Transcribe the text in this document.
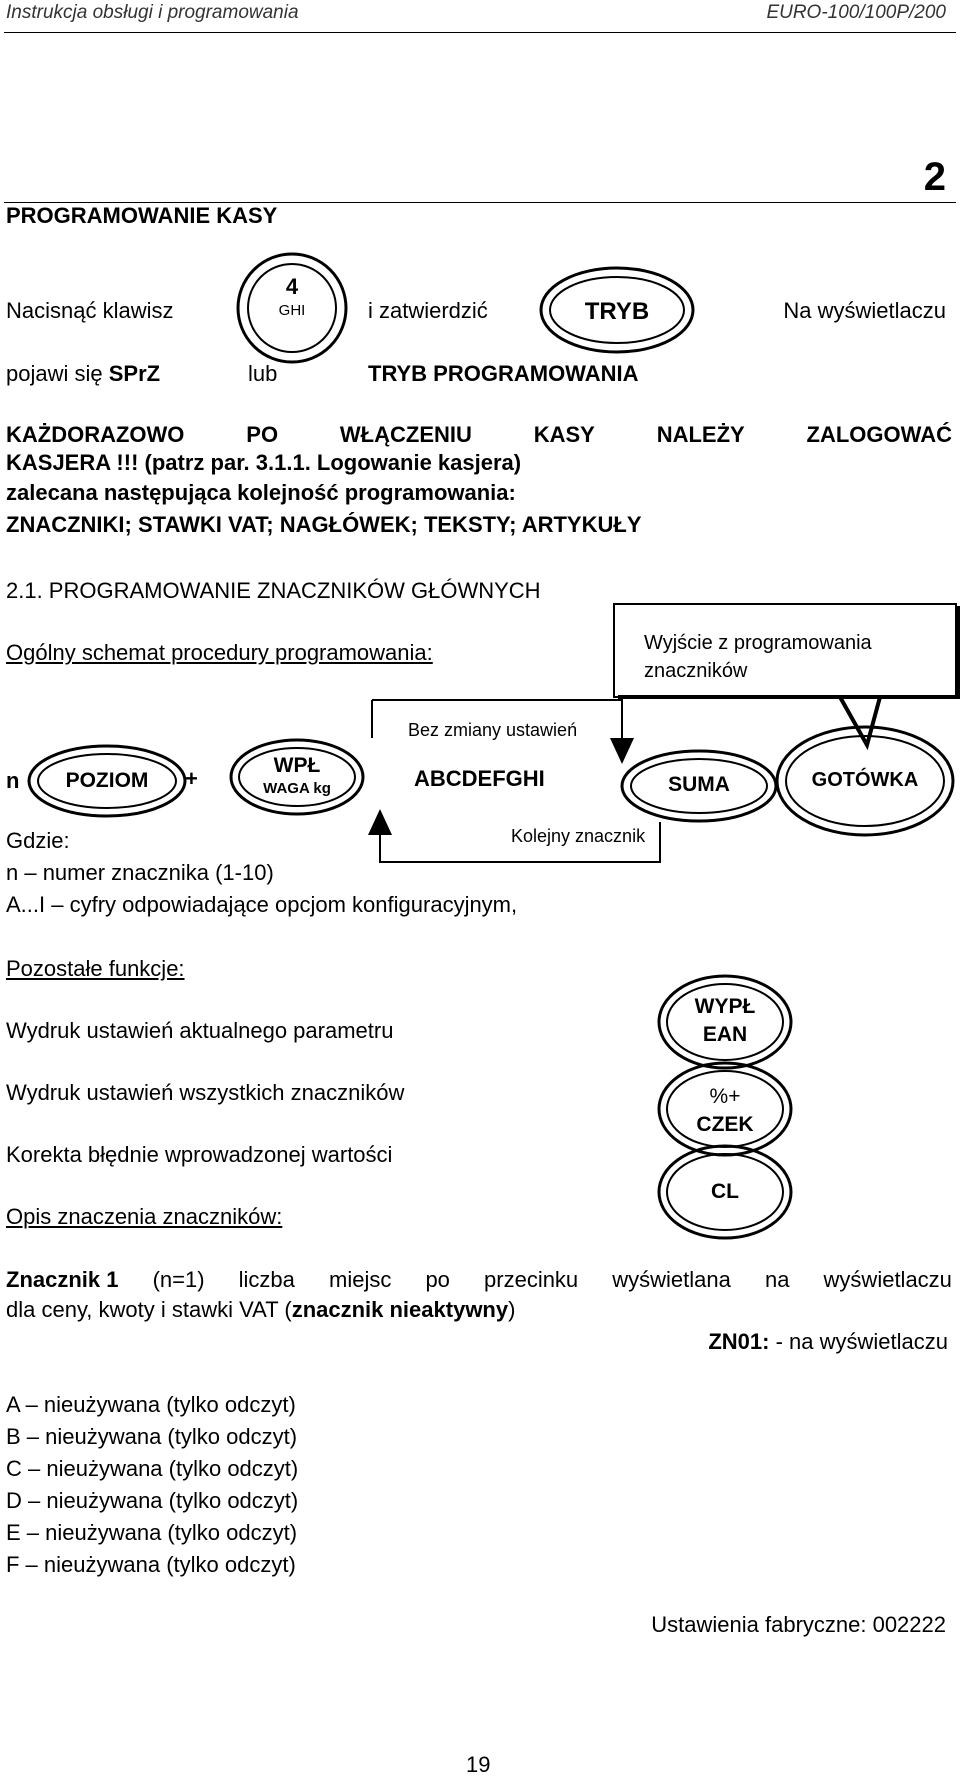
Instrukcja obsługi i programowania	EURO-100/100P/200
2
PROGRAMOWANIE KASY
Nacisnąć klawisz
4
GHI	i zatwierdzić	TRYB	Na wyświetlaczu
pojawi się SPrZ	lub	TRYB PROGRAMOWANIA
KAŻDORAZOWO	PO	WŁĄCZENIU	KASY	NALEŻY	ZALOGOWAĆ
KASJERA !!! (patrz par. 3.1.1. Logowanie kasjera)
zalecana następująca kolejność programowania:
ZNACZNIKI; STAWKI VAT; NAGŁÓWEK; TEKSTY; ARTYKUŁY
2.1. PROGRAMOWANIE ZNACZNIKÓW GŁÓWNYCH
Ogólny schemat procedury programowania:	Wyjście z programowania
znaczników
Bez zmiany ustawień
n	POZIOM	+
WPŁ
WAGA kg	ABCDEFGHI	SUMA	GOTÓWKA
Kolejny znacznik
Gdzie:
n – numer znacznika (1-10)
A...I – cyfry odpowiadające opcjom konfiguracyjnym,
Pozostałe funkcje:
Wydruk ustawień aktualnego parametru
WYPŁ
EAN
Wydruk ustawień wszystkich znaczników	%+
CZEK
Korekta błędnie wprowadzonej wartości
CL
Opis znaczenia znaczników:
Znacznik 1 (n=1) liczba miejsc po przecinku wyświetlana na wyświetlaczu
dla ceny, kwoty i stawki VAT (znacznik nieaktywny)
ZN01: - na wyświetlaczu
A – nieużywana (tylko odczyt)
B – nieużywana (tylko odczyt)
C – nieużywana (tylko odczyt)
D – nieużywana (tylko odczyt)
E – nieużywana (tylko odczyt)
F – nieużywana (tylko odczyt)
Ustawienia fabryczne: 002222
19
